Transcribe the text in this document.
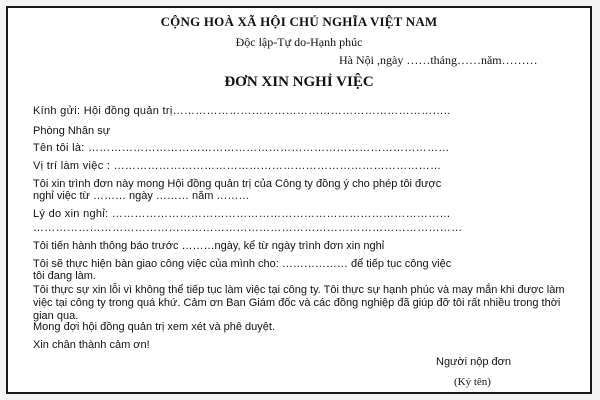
CỘNG HOÀ XÃ HỘI CHỦ NGHĨA VIỆT NAM
Độc lập-Tự do-Hạnh phúc
Hà Nội ,ngày ……tháng……năm………
ĐƠN XIN NGHỈ VIỆC
Kính gửi: Hội đồng quản trị………………………………………………………………..
Phòng Nhân sự
Tên tôi là: ……………………………………………………………………………………
Vị trí làm việc : ……………………………………………………………………………
Tôi xin trình đơn này mong Hội đồng quản trị của Công ty đồng ý cho phép tôi được
nghỉ việc từ ……… ngày ……… năm ………
Lý do xin nghỉ: ………………………………………………………………………………
……………………………………………………………………………………………………
Tôi tiến hành thông báo trước ………ngày, kể từ ngày trình đơn xin nghỉ
Tôi sẽ thực hiện bàn giao công việc của mình cho: ……………… để tiếp tục công việc
tôi đang làm.
Tôi thực sự xin lỗi vì không thể tiếp tục làm việc tại công ty. Tôi thực sự hạnh phúc và may mắn khi được làm việc tại công ty trong quá khứ. Cảm ơn Ban Giám đốc và các đồng nghiệp đã giúp đỡ tôi rất nhiều trong thời gian qua.
Mong đợi hội đồng quản trị xem xét và phê duyệt.
Xin chân thành cảm ơn!
Người nộp đơn
(Ký tên)
